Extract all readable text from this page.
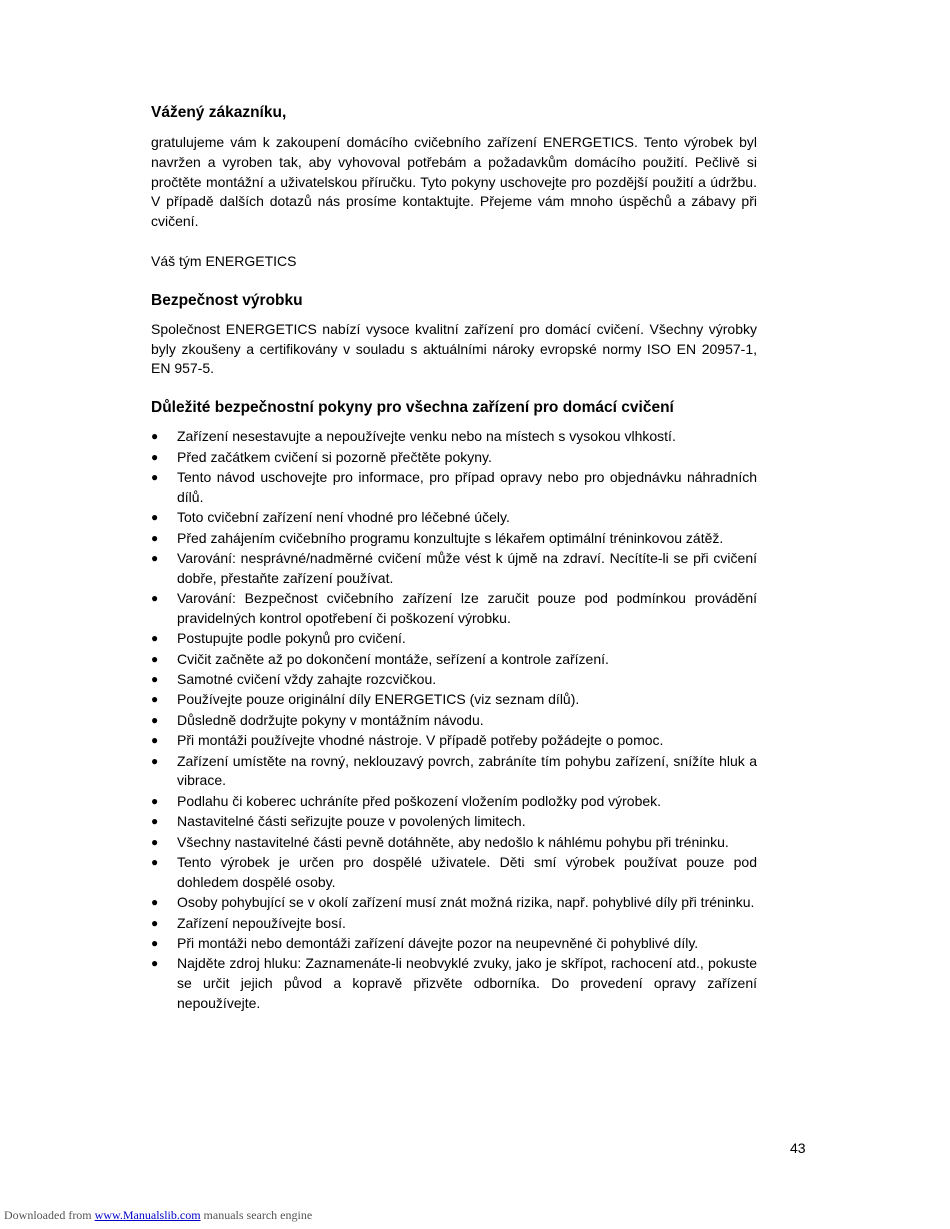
Vážený zákazníku,

gratulujeme vám k zakoupení domácího cvičebního zařízení ENERGETICS. Tento výrobek byl navržen a vyroben tak, aby vyhovoval potřebám a požadavkům domácího použití. Pečlivě si pročtěte montážní a uživatelskou příručku. Tyto pokyny uschovejte pro pozdější použití a údržbu. V případě dalších dotazů nás prosíme kontaktujte. Přejeme vám mnoho úspěchů a zábavy při cvičení.

Váš tým ENERGETICS

Bezpečnost výrobku

Společnost ENERGETICS nabízí vysoce kvalitní zařízení pro domácí cvičení. Všechny výrobky byly zkoušeny a certifikovány v souladu s aktuálními nároky evropské normy ISO EN 20957-1, EN 957-5.

Důležité bezpečnostní pokyny pro všechna zařízení pro domácí cvičení
● Zařízení nesestavujte a nepoužívejte venku nebo na místech s vysokou vlhkostí.
● Před začátkem cvičení si pozorně přečtěte pokyny.
● Tento návod uschovejte pro informace, pro případ opravy nebo pro objednávku náhradních dílů.
● Toto cvičební zařízení není vhodné pro léčebné účely.
● Před zahájením cvičebního programu konzultujte s lékařem optimální tréninkovou zátěž.
● Varování: nesprávné/nadměrné cvičení může vést k újmě na zdraví. Necítíte-li se při cvičení dobře, přestaňte zařízení používat.
● Varování: Bezpečnost cvičebního zařízení lze zaručit pouze pod podmínkou provádění pravidelných kontrol opotřebení či poškození výrobku.
● Postupujte podle pokynů pro cvičení.
● Cvičit začněte až po dokončení montáže, seřízení a kontrole zařízení.
● Samotné cvičení vždy zahajte rozcvičkou.
● Používejte pouze originální díly ENERGETICS (viz seznam dílů).
● Důsledně dodržujte pokyny v montážním návodu.
● Při montáži používejte vhodné nástroje. V případě potřeby požádejte o pomoc.
● Zařízení umístěte na rovný, neklouzavý povrch, zabráníte tím pohybu zařízení, snížíte hluk a vibrace.
● Podlahu či koberec uchráníte před poškození vložením podložky pod výrobek.
● Nastavitelné části seřizujte pouze v povolených limitech.
● Všechny nastavitelné části pevně dotáhněte, aby nedošlo k náhlému pohybu při tréninku.
● Tento výrobek je určen pro dospělé uživatele. Děti smí výrobek používat pouze pod dohledem dospělé osoby.
● Osoby pohybující se v okolí zařízení musí znát možná rizika, např. pohyblivé díly při tréninku.
● Zařízení nepoužívejte bosí.
● Při montáži nebo demontáži zařízení dávejte pozor na neupevněné či pohyblivé díly.
● Najděte zdroj hluku: Zaznamenáte-li neobvyklé zvuky, jako je skřípot, rachocení atd., pokuste se určit jejich původ a kopravě přizvěte odborníka. Do provedení opravy zařízení nepoužívejte.
43
Downloaded from www.Manualslib.com manuals search engine
